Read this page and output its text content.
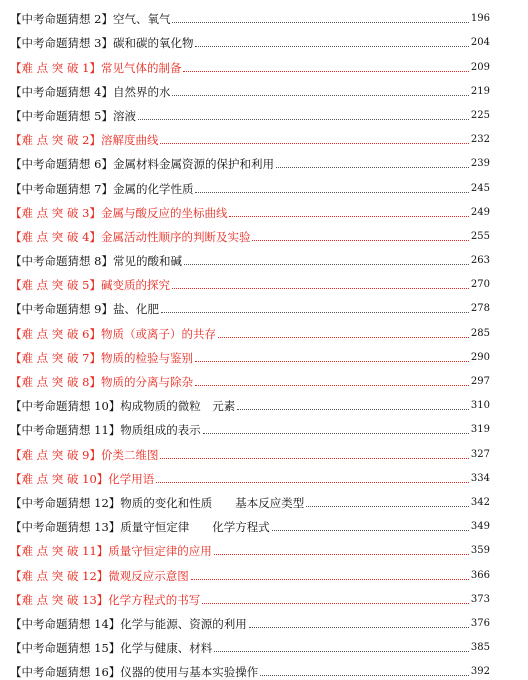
【中考命题猜想 2】 空气、氧气	196
【中考命题猜想 3】 碳和碳的氧化物	204
【难 点 突 破 1】 常见气体的制备	209
【中考命题猜想 4】 自然界的水	219
【中考命题猜想 5】 溶液	225
【难 点 突 破 2】 溶解度曲线	232
【中考命题猜想 6】 金属材料金属资源的保护和利用	239
【中考命题猜想 7】 金属的化学性质	245
【难 点 突 破 3】 金属与酸反应的坐标曲线	249
【难 点 突 破 4】 金属活动性顺序的判断及实验	255
【中考命题猜想 8】 常见的酸和碱	263
【难 点 突 破 5】 碱变质的探究	270
【中考命题猜想 9】 盐、化肥	278
【难 点 突 破 6】 物质（或离子）的共存	285
【难 点 突 破 7】 物质的检验与鉴别	290
【难 点 突 破 8】 物质的分离与除杂	297
【中考命题猜想 10】 构成物质的微粒　元素	310
【中考命题猜想 11】 物质组成的表示	319
【难 点 突 破 9】 价类二维图	327
【难 点 突 破 10】 化学用语	334
【中考命题猜想 12】 物质的变化和性质　　基本反应类型	342
【中考命题猜想 13】 质量守恒定律　　化学方程式	349
【难 点 突 破 11】 质量守恒定律的应用	359
【难 点 突 破 12】 微观反应示意图	366
【难 点 突 破 13】 化学方程式的书写	373
【中考命题猜想 14】 化学与能源、资源的利用	376
【中考命题猜想 15】 化学与健康、材料	385
【中考命题猜想 16】 仪器的使用与基本实验操作	392
